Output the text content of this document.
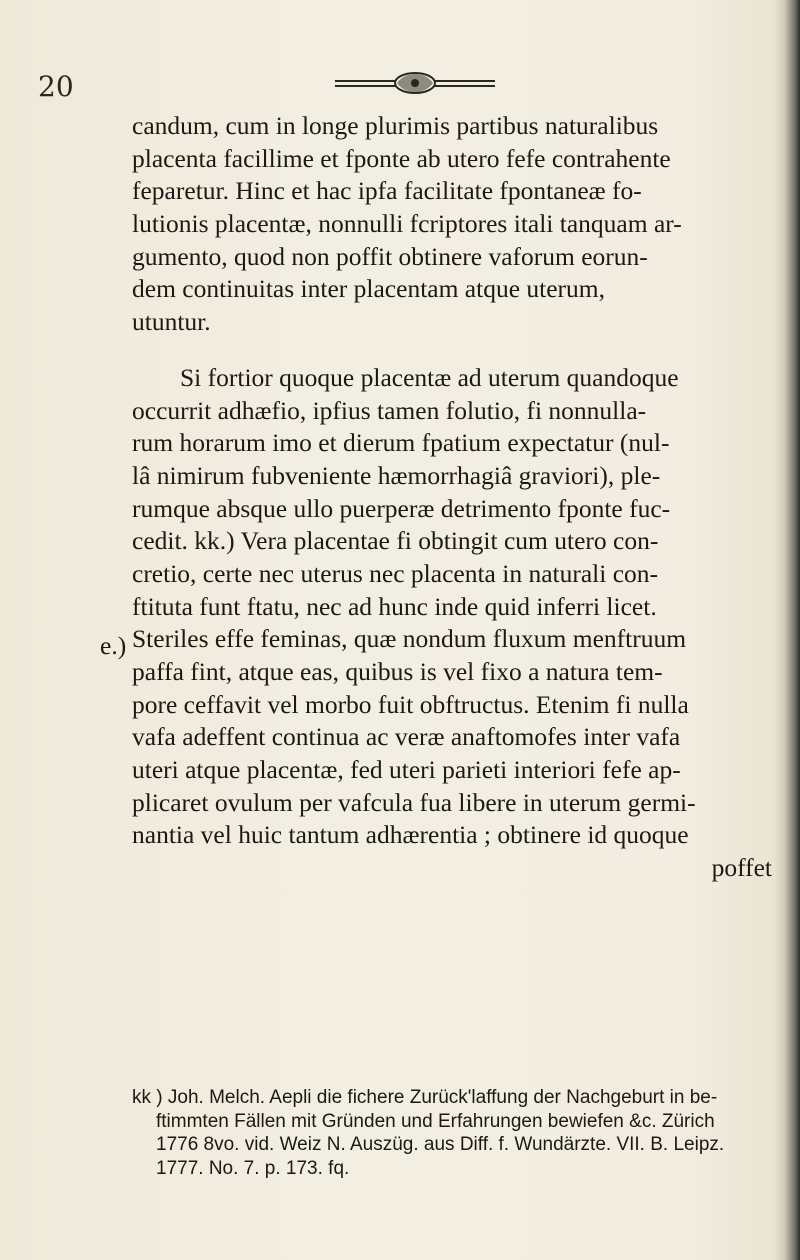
20

candum, cum in longe plurimis partibus naturalibus
placenta facillime et fponte ab utero fefe contrahente
feparetur. Hinc et hac ipfa facilitate fpontaneæ fo-
lutionis placentæ, nonnulli fcriptores itali tanquam ar-
gumento, quod non poffit obtinere vaforum eorun-
dem continuitas inter placentam atque uterum,
utuntur.

Si fortior quoque placentæ ad uterum quandoque
occurrit adhæfio, ipfius tamen folutio, fi nonnulla-
rum horarum imo et dierum fpatium expectatur (nul-
lâ nimirum fubveniente hæmorrhagiâ graviori), ple-
rumque absque ullo puerperæ detrimento fponte fuc-
cedit. kk.) Vera placentae fi obtingit cum utero con-
cretio, certe nec uterus nec placenta in naturali con-
ftituta funt ftatu, nec ad hunc inde quid inferri licet.

Steriles effe feminas, quæ nondum fluxum menftruum
paffa fint, atque eas, quibus is vel fixo a natura tem-
pore ceffavit vel morbo fuit obftructus. Etenim fi nulla
vafa adeffent continua ac veræ anaftomofes inter vafa
uteri atque placentæ, fed uteri parieti interiori fefe ap-
plicaret ovulum per vafcula fua libere in uterum germi-
nantia vel huic tantum adhærentia ; obtinere id quoque
poffet

e.)
kk ) Joh. Melch. Aepli die fichere Zurück'laffung der Nachgeburt in be-
ftimmten Fällen mit Gründen und Erfahrungen bewiefen &c. Zürich
1776 8vo. vid. Weiz N. Auszüg. aus Diff. f. Wundärzte. VII. B. Leipz.
1777. No. 7. p. 173. fq.
